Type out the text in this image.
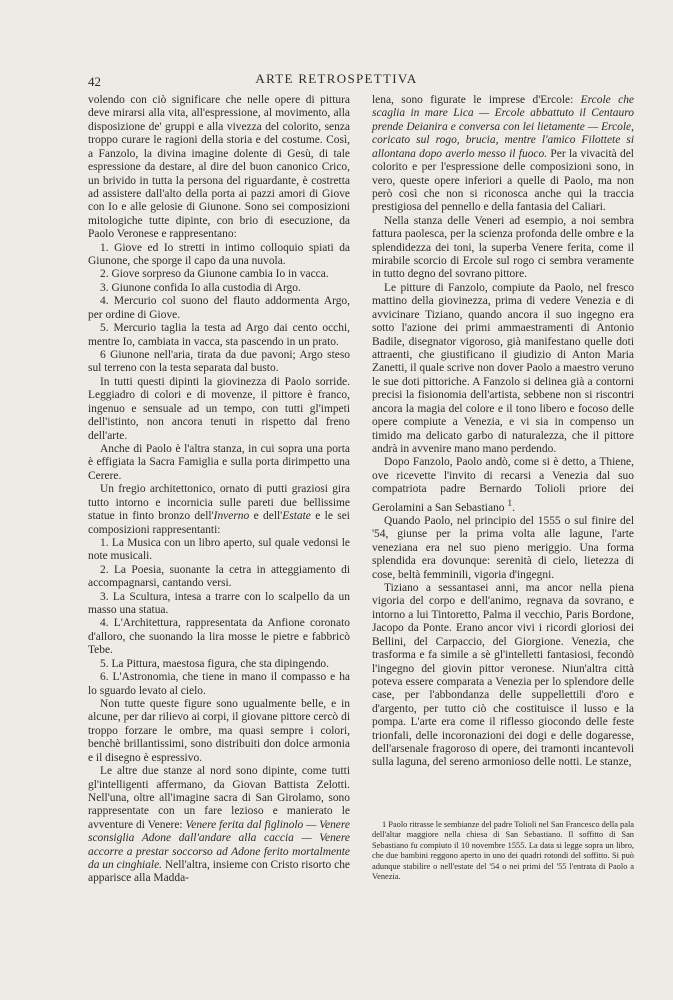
42	ARTE RETROSPETTIVA

volendo con ciò significare che nelle opere di pittura deve mirarsi alla vita, all'espressione, al movimento, alla disposizione de' gruppi e alla vivezza del colorito, senza troppo curare le ragioni della storia e del costume. Così, a Fanzolo, la divina imagine dolente di Gesù, di tale espressione da destare, al dire del buon canonico Crico, un brivido in tutta la persona del riguardante, è costretta ad assistere dall'alto della porta ai pazzi amori di Giove con Io e alle gelosie di Giunone. Sono sei composizioni mitologiche tutte dipinte, con brio di esecuzione, da Paolo Veronese e rappresentano:

1. Giove ed Io stretti in intimo colloquio spiati da Giunone, che sporge il capo da una nuvola.

2. Giove sorpreso da Giunone cambia Io in vacca.

3. Giunone confida Io alla custodia di Argo.

4. Mercurio col suono del flauto addormenta Argo, per ordine di Giove.

5. Mercurio taglia la testa ad Argo dai cento occhi, mentre Io, cambiata in vacca, sta pascendo in un prato.

6 Giunone nell'aria, tirata da due pavoni; Argo steso sul terreno con la testa separata dal busto.

In tutti questi dipinti la giovinezza di Paolo sorride. Leggiadro di colori e di movenze, il pittore è franco, ingenuo e sensuale ad un tempo, con tutti gl'impeti dell'istinto, non ancora tenuti in rispetto dal freno dell'arte.

Anche di Paolo è l'altra stanza, in cui sopra una porta è effigiata la Sacra Famiglia e sulla porta dirimpetto una Cerere.

Un fregio architettonico, ornato di putti graziosi gira tutto intorno e incornicia sulle pareti due bellissime statue in finto bronzo dell'Inverno e dell'Estate e le sei composizioni rappresentanti:

1. La Musica con un libro aperto, sul quale vedonsi le note musicali.

2. La Poesia, suonante la cetra in atteggiamento di accompagnarsi, cantando versi.

3. La Scultura, intesa a trarre con lo scalpello da un masso una statua.

4. L'Architettura, rappresentata da Anfione coronato d'alloro, che suonando la lira mosse le pietre e fabbricò Tebe.

5. La Pittura, maestosa figura, che sta dipingendo.

6. L'Astronomia, che tiene in mano il compasso e ha lo sguardo levato al cielo.

Non tutte queste figure sono ugualmente belle, e in alcune, per dar rilievo ai corpi, il giovane pittore cercò di troppo forzare le ombre, ma quasi sempre i colori, benchè brillantissimi, sono distribuiti don dolce armonia e il disegno è espressivo.

Le altre due stanze al nord sono dipinte, come tutti gl'intelligenti affermano, da Giovan Battista Zelotti. Nell'una, oltre all'imagine sacra di San Girolamo, sono rappresentate con un fare lezioso e manierato le avventure di Venere: Venere ferita dal figlinolo — Venere sconsiglia Adone dall'andare alla caccia — Venere accorre a prestar soccorso ad Adone ferito mortalmente da un cinghiale. Nell'altra, insieme con Cristo risorto che apparisce alla Madda-

lena, sono figurate le imprese d'Ercole: Ercole che scaglia in mare Lica — Ercole abbattuto il Centauro prende Deianira e conversa con lei lietamente — Ercole, coricato sul rogo, brucia, mentre l'amico Filottete si allontana dopo averlo messo il fuoco. Per la vivacità del colorito e per l'espressione delle composizioni sono, in vero, queste opere inferiori a quelle di Paolo, ma non però così che non si riconosca anche qui la traccia prestigiosa del pennello e della fantasia del Caliari.

Nella stanza delle Veneri ad esempio, a noi sembra fattura paolesca, per la scienza profonda delle ombre e la splendidezza dei toni, la superba Venere ferita, come il mirabile scorcio di Ercole sul rogo ci sembra veramente in tutto degno del sovrano pittore.

Le pitture di Fanzolo, compiute da Paolo, nel fresco mattino della giovinezza, prima di vedere Venezia e di avvicinare Tiziano, quando ancora il suo ingegno era sotto l'azione dei primi ammaestramenti di Antonio Badile, disegnator vigoroso, già manifestano quelle doti attraenti, che giustificano il giudizio di Anton Maria Zanetti, il quale scrive non dover Paolo a maestro veruno le sue doti pittoriche. A Fanzolo si delinea già a contorni precisi la fisionomia dell'artista, sebbene non si riscontri ancora la magia del colore e il tono libero e focoso delle opere compiute a Venezia, e vi sia in compenso un timido ma delicato garbo di naturalezza, che il pittore andrà in avvenire mano mano perdendo.

Dopo Fanzolo, Paolo andò, come si è detto, a Thiene, ove ricevette l'invito di recarsi a Venezia dal suo compatriota padre Bernardo Tolioli priore dei Gerolamini a San Sebastiano $^1$.

Quando Paolo, nel principio del 1555 o sul finire del '54, giunse per la prima volta alle lagune, l'arte veneziana era nel suo pieno meriggio. Una forma splendida era dovunque: serenità di cielo, lietezza di cose, beltà femminili, vigoria d'ingegni.

Tiziano a sessantasei anni, ma ancor nella piena vigoria del corpo e dell'animo, regnava da sovrano, e intorno a lui Tintoretto, Palma il vecchio, Paris Bordone, Jacopo da Ponte. Erano ancor vivi i ricordi gloriosi dei Bellini, del Carpaccio, del Giorgione. Venezia, che trasforma e fa simile a sè gl'intelletti fantasiosi, fecondò l'ingegno del giovin pittor veronese. Niun'altra città poteva essere comparata a Venezia per lo splendore delle case, per l'abbondanza delle suppellettili d'oro e d'argento, per tutto ciò che costituisce il lusso e la pompa. L'arte era come il riflesso giocondo delle feste trionfali, delle incoronazioni dei dogi e delle dogaresse, dell'arsenale fragoroso di opere, dei tramonti incantevoli sulla laguna, del sereno armonioso delle notti. Le stanze,

1 Paolo ritrasse le sembianze del padre Tolioli nel San Francesco della pala dell'altar maggiore nella chiesa di San Sebastiano. Il soffitto di San Sebastiano fu compiuto il 10 novembre 1555. La data si legge sopra un libro, che due bambini reggono aperto in uno dei quadri rotondi del soffitto. Si può adunque stabilire o nell'estate del '54 o nei primi del '55 l'entrata di Paolo a Venezia.
